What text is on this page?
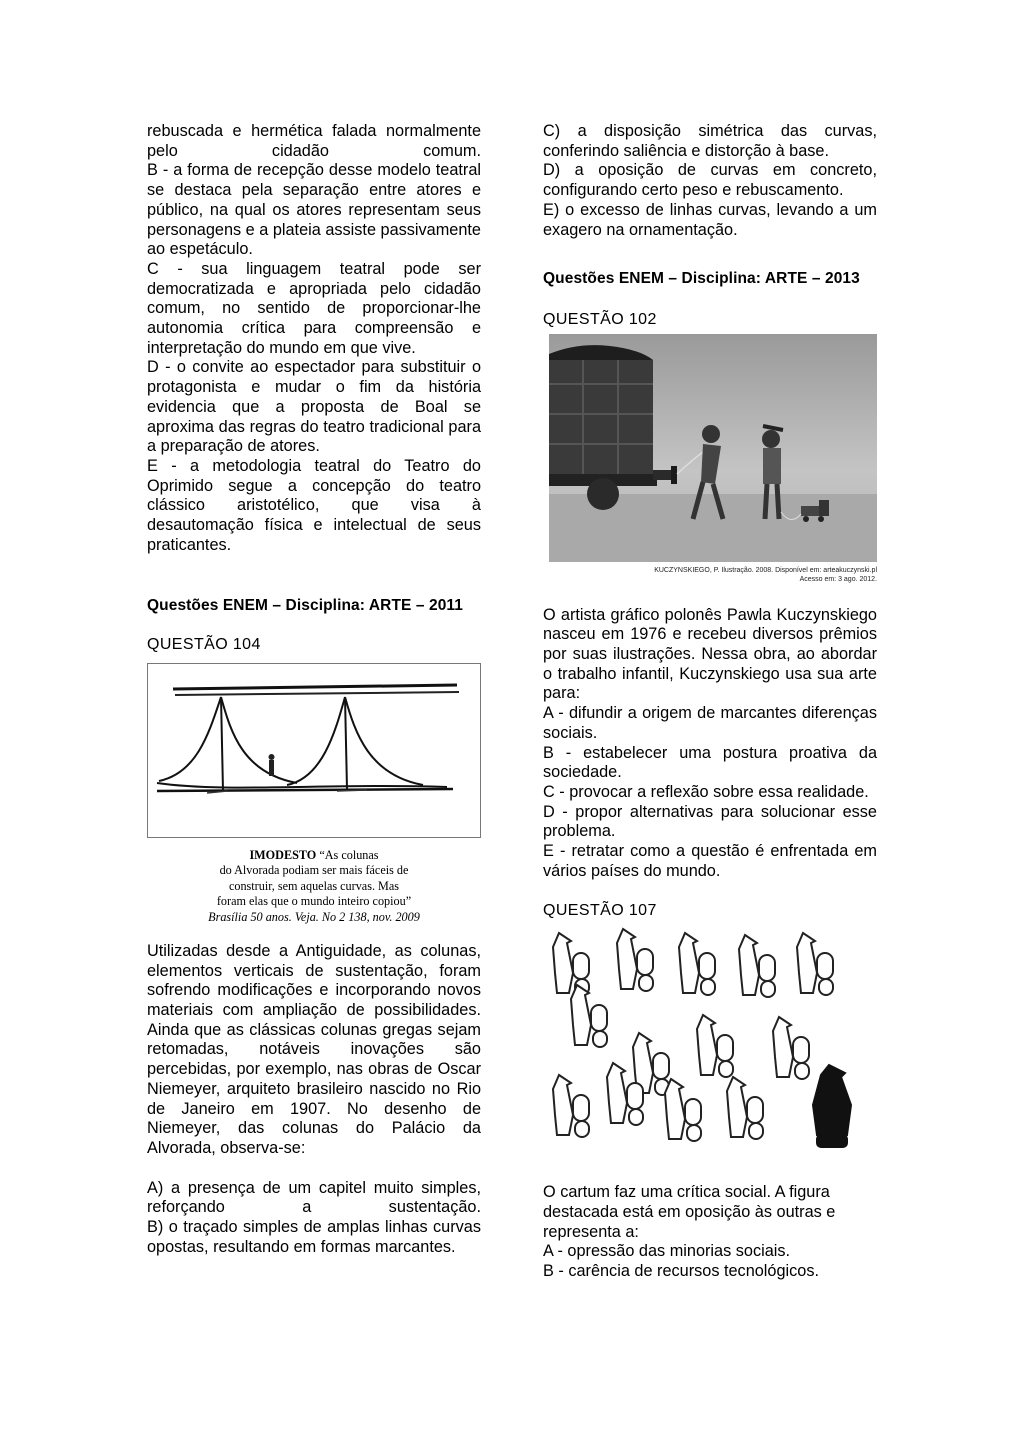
rebuscada e hermética falada normalmente pelo cidadão comum.

B - a forma de recepção desse modelo teatral se destaca pela separação entre atores e público, na qual os atores representam seus personagens e a plateia assiste passivamente ao espetáculo.

C - sua linguagem teatral pode ser democratizada e apropriada pelo cidadão comum, no sentido de proporcionar-lhe autonomia crítica para compreensão e interpretação do mundo em que vive.

D - o convite ao espectador para substituir o protagonista e mudar o fim da história evidencia que a proposta de Boal se aproxima das regras do teatro tradicional para a preparação de atores.

E - a metodologia teatral do Teatro do Oprimido segue a concepção do teatro clássico aristotélico, que visa à desautomação física e intelectual de seus praticantes.

Questões ENEM – Disciplina: ARTE – 2011

QUESTÃO 104

IMODESTO “As colunas
do Alvorada podiam ser mais fáceis de
construir, sem aquelas curvas. Mas
foram elas que o mundo inteiro copiou”
Brasília 50 anos. Veja. No 2 138, nov. 2009

Utilizadas desde a Antiguidade, as colunas, elementos verticais de sustentação, foram sofrendo modificações e incorporando novos materiais com ampliação de possibilidades. Ainda que as clássicas colunas gregas sejam retomadas, notáveis inovações são percebidas, por exemplo, nas obras de Oscar Niemeyer, arquiteto brasileiro nascido no Rio de Janeiro em 1907. No desenho de Niemeyer, das colunas do Palácio da Alvorada, observa-se:

A) a presença de um capitel muito simples, reforçando a sustentação.

B) o traçado simples de amplas linhas curvas opostas, resultando em formas marcantes.

C) a disposição simétrica das curvas, conferindo saliência e distorção à base.

D) a oposição de curvas em concreto, configurando certo peso e rebuscamento.

E) o excesso de linhas curvas, levando a um exagero na ornamentação.

Questões ENEM – Disciplina: ARTE – 2013

QUESTÃO 102

KUCZYNSKIEGO, P. Ilustração. 2008. Disponível em: arteakuczynski.pl

Acesso em: 3 ago. 2012.

O artista gráfico polonês Pawla Kuczynskiego nasceu em 1976 e recebeu diversos prêmios por suas ilustrações. Nessa obra, ao abordar o trabalho infantil, Kuczynskiego usa sua arte para:

A - difundir a origem de marcantes diferenças sociais.

B - estabelecer uma postura proativa da sociedade.

C - provocar a reflexão sobre essa realidade.

D - propor alternativas para solucionar esse problema.

E - retratar como a questão é enfrentada em vários países do mundo.

QUESTÃO 107

O cartum faz uma crítica social. A figura destacada está em oposição às outras e representa a:

A - opressão das minorias sociais.

B - carência de recursos tecnológicos.
